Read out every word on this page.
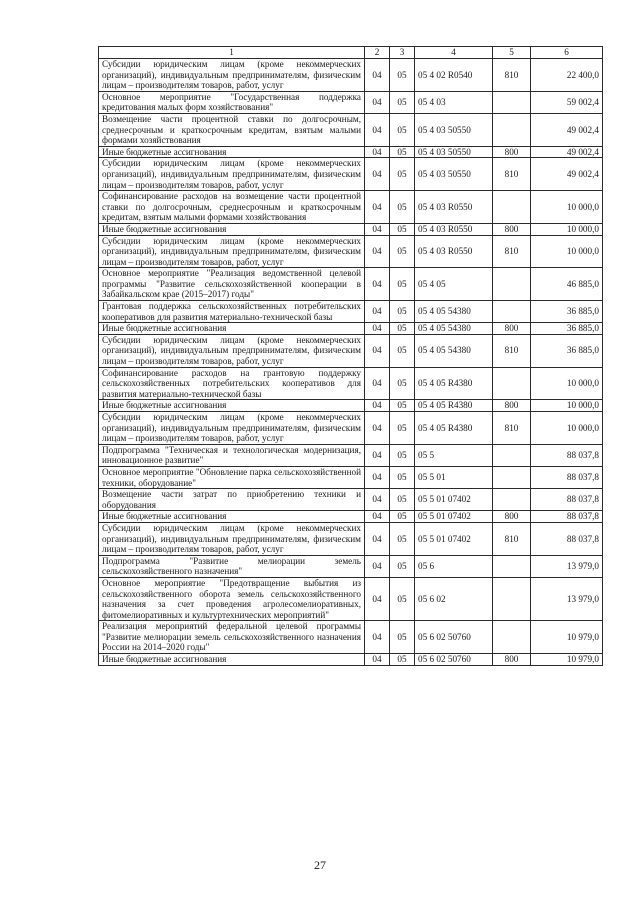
1	2	3	4	5	6
Субсидии юридическим лицам (кроме некоммерческих организаций), индивидуальным предпринимателям, физическим лицам – производителям товаров, работ, услуг	04	05	05 4 02 R0540	810	22 400,0
Основное мероприятие "Государственная поддержка кредитования малых форм хозяйствования"	04	05	05 4 03		59 002,4
Возмещение части процентной ставки по долгосрочным, среднесрочным и краткосрочным кредитам, взятым малыми формами хозяйствования	04	05	05 4 03 50550		49 002,4
Иные бюджетные ассигнования	04	05	05 4 03 50550	800	49 002,4
Субсидии юридическим лицам (кроме некоммерческих организаций), индивидуальным предпринимателям, физическим лицам – производителям товаров, работ, услуг	04	05	05 4 03 50550	810	49 002,4
Софинансирование расходов на возмещение части процентной ставки по долгосрочным, среднесрочным и краткосрочным кредитам, взятым малыми формами хозяйствования	04	05	05 4 03 R0550		10 000,0
Иные бюджетные ассигнования	04	05	05 4 03 R0550	800	10 000,0
Субсидии юридическим лицам (кроме некоммерческих организаций), индивидуальным предпринимателям, физическим лицам – производителям товаров, работ, услуг	04	05	05 4 03 R0550	810	10 000,0
Основное мероприятие "Реализация ведомственной целевой программы "Развитие сельскохозяйственной кооперации в Забайкальском крае (2015–2017) годы"	04	05	05 4 05		46 885,0
Грантовая поддержка сельскохозяйственных потребительских кооперативов для развития материально-технической базы	04	05	05 4 05 54380		36 885,0
Иные бюджетные ассигнования	04	05	05 4 05 54380	800	36 885,0
Субсидии юридическим лицам (кроме некоммерческих организаций), индивидуальным предпринимателям, физическим лицам – производителям товаров, работ, услуг	04	05	05 4 05 54380	810	36 885,0
Софинансирование расходов на грантовую поддержку сельскохозяйственных потребительских кооперативов для развития материально-технической базы	04	05	05 4 05 R4380		10 000,0
Иные бюджетные ассигнования	04	05	05 4 05 R4380	800	10 000,0
Субсидии юридическим лицам (кроме некоммерческих организаций), индивидуальным предпринимателям, физическим лицам – производителям товаров, работ, услуг	04	05	05 4 05 R4380	810	10 000,0
Подпрограмма "Техническая и технологическая модернизация, инновационное развитие"	04	05	05 5		88 037,8
Основное мероприятие "Обновление парка сельскохозяйственной техники, оборудование"	04	05	05 5 01		88 037,8
Возмещение части затрат по приобретению техники и оборудования	04	05	05 5 01 07402		88 037,8
Иные бюджетные ассигнования	04	05	05 5 01 07402	800	88 037,8
Субсидии юридическим лицам (кроме некоммерческих организаций), индивидуальным предпринимателям, физическим лицам – производителям товаров, работ, услуг	04	05	05 5 01 07402	810	88 037,8
Подпрограмма "Развитие мелиорации земель сельскохозяйственного назначения"	04	05	05 6		13 979,0
Основное мероприятие "Предотвращение выбытия из сельскохозяйственного оборота земель сельскохозяйственного назначения за счет проведения агролесомелиоративных, фитомелиоративных и культуртехнических мероприятий"	04	05	05 6 02		13 979,0
Реализация мероприятий федеральной целевой программы "Развитие мелиорации земель сельскохозяйственного назначения России на 2014–2020 годы"	04	05	05 6 02 50760		10 979,0
Иные бюджетные ассигнования	04	05	05 6 02 50760	800	10 979,0
27
